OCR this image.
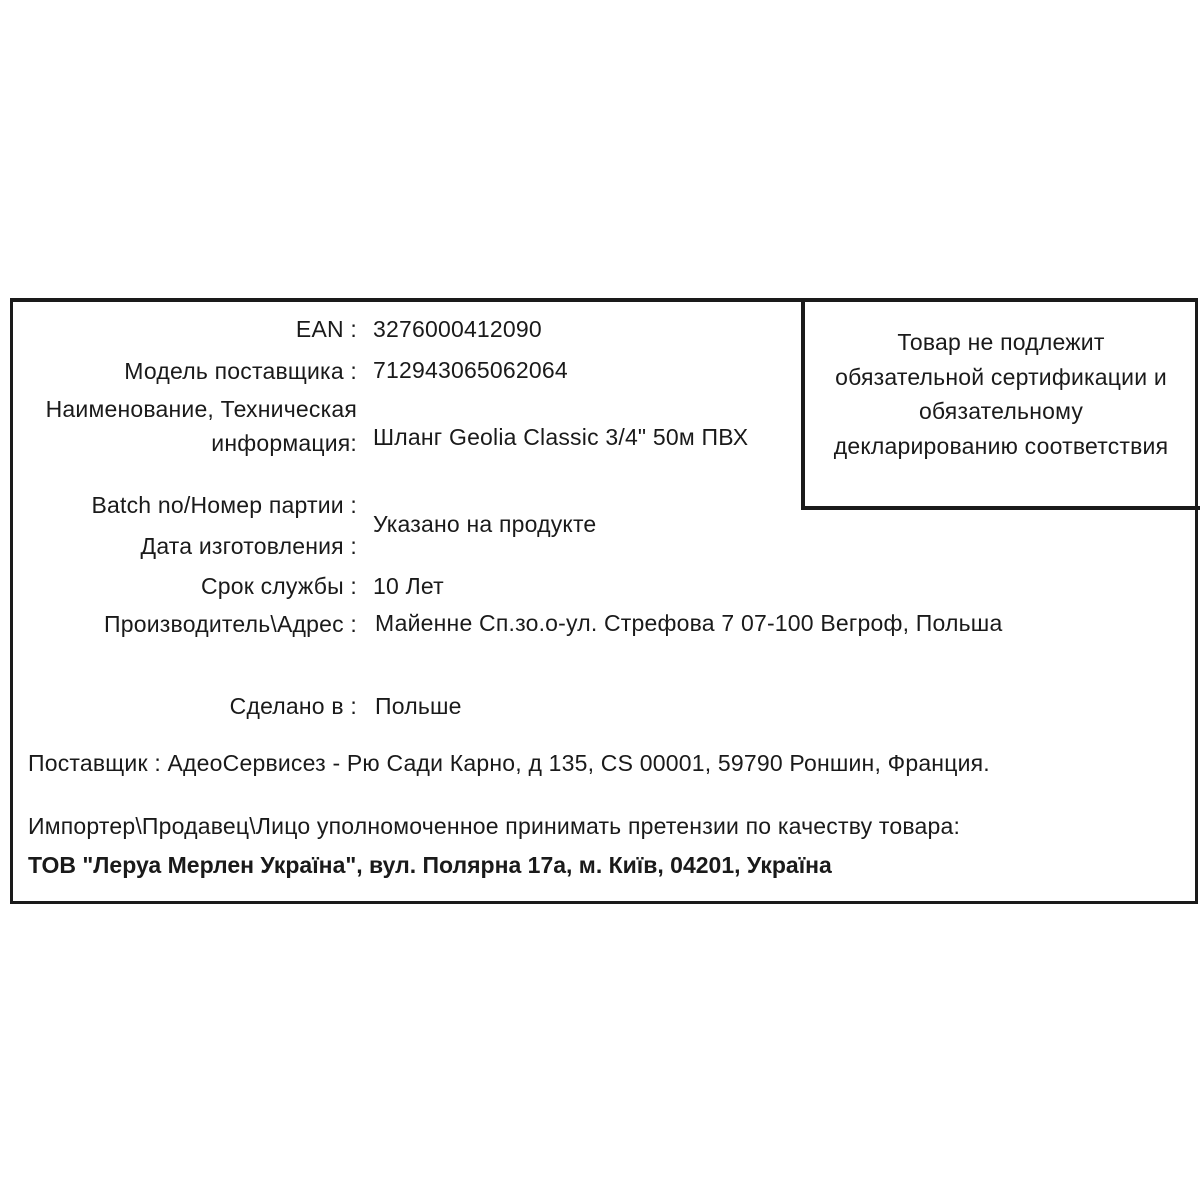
EAN : 3276000412090
Модель поставщика : 712943065062064
Наименование, Техническая
информация: Шланг Geolia Classic 3/4" 50м ПВХ
Batch no/Номер партии :
Дата изготовления :
Указано на продукте
Срок службы : 10 Лет
Производитель\Адрес : Майенне Сп.зо.о-ул. Стрефова 7 07-100 Вегроф, Польша
Сделано в : Польше
Поставщик : АдеоСервисез - Рю Сади Карно, д 135, CS 00001, 59790 Роншин, Франция.
Импортер\Продавец\Лицо уполномоченное принимать претензии по качеству товара:
ТОВ "Леруа Мерлен Україна", вул. Полярна 17а, м. Київ, 04201, Україна
Товар не подлежит
обязательной сертификации и
обязательному
декларированию соответствия
